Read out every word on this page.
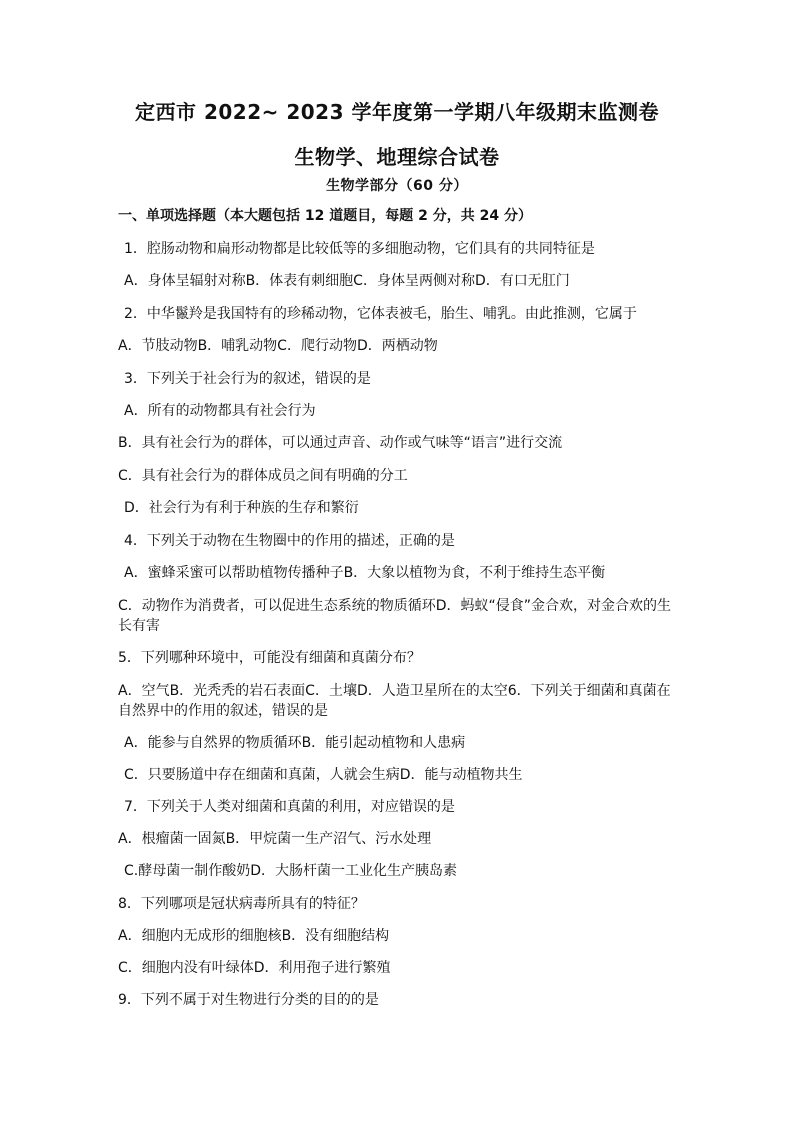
定西市 2022~ 2023 学年度第一学期八年级期末监测卷
生物学、地理综合试卷
生物学部分（60 分）
一、单项选择题（本大题包括 12 道题目，每题 2 分，共 24 分）
1．腔肠动物和扁形动物都是比较低等的多细胞动物，它们具有的共同特征是
A．身体呈辐射对称B．体表有刺细胞C．身体呈两侧对称D．有口无肛门
2．中华鬣羚是我国特有的珍稀动物，它体表被毛，胎生、哺乳。由此推测，它属于
A．节肢动物B．哺乳动物C．爬行动物D．两栖动物
3．下列关于社会行为的叙述，错误的是
A．所有的动物都具有社会行为
B．具有社会行为的群体，可以通过声音、动作或气味等“语言”进行交流
C．具有社会行为的群体成员之间有明确的分工
D．社会行为有利于种族的生存和繁衍
4．下列关于动物在生物圈中的作用的描述，正确的是
A．蜜蜂采蜜可以帮助植物传播种子B．大象以植物为食，不利于维持生态平衡
C．动物作为消费者，可以促进生态系统的物质循环D．蚂蚁“侵食”金合欢，对金合欢的生长有害
5．下列哪种环境中，可能没有细菌和真菌分布？
A．空气B．光秃秃的岩石表面C．土壤D．人造卫星所在的太空6．下列关于细菌和真菌在自然界中的作用的叙述，错误的是
A．能参与自然界的物质循环B．能引起动植物和人患病
C．只要肠道中存在细菌和真菌，人就会生病D．能与动植物共生
7．下列关于人类对细菌和真菌的利用，对应错误的是
A．根瘤菌一固氮B．甲烷菌一生产沼气、污水处理
C.酵母菌一制作酸奶D．大肠杆菌一工业化生产胰岛素
8．下列哪项是冠状病毒所具有的特征？
A．细胞内无成形的细胞核B．没有细胞结构
C．细胞内没有叶绿体D．利用孢子进行繁殖
9．下列不属于对生物进行分类的目的的是
